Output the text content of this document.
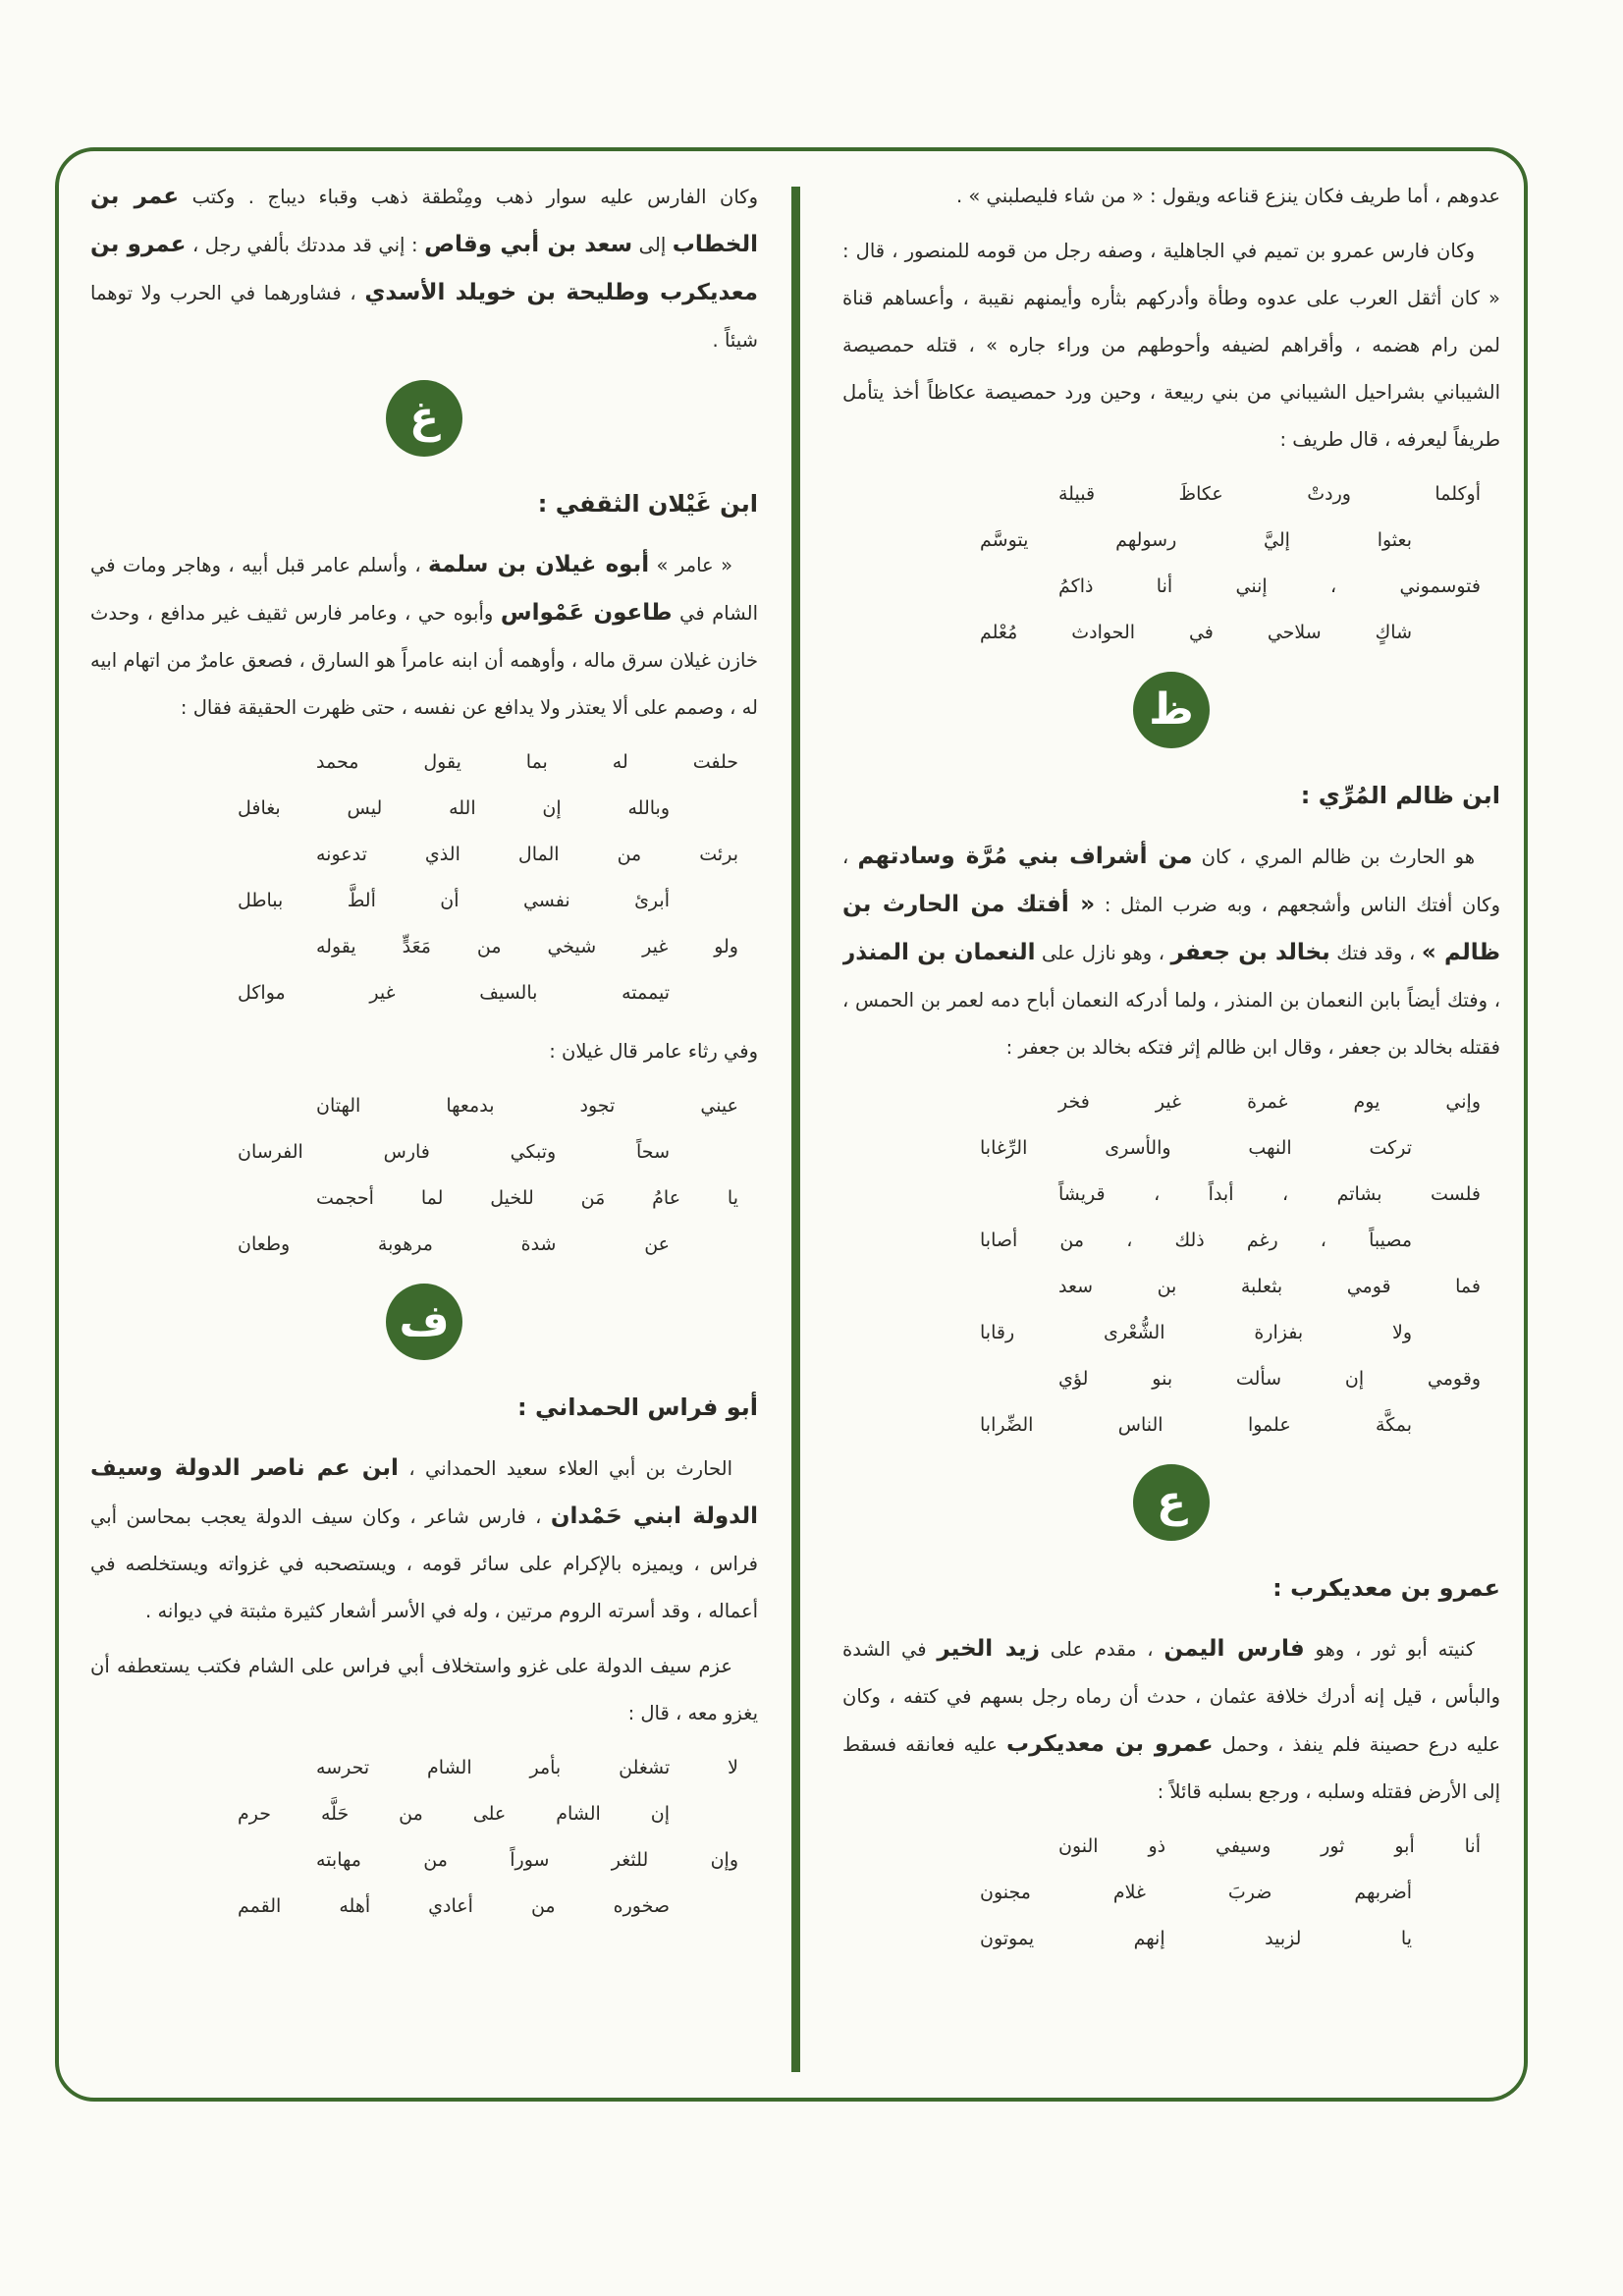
عدوهم ، أما طريف فكان ينزع قناعه ويقول : « من شاء فليصلبني » .

وكان فارس عمرو بن تميم في الجاهلية ، وصفه رجل من قومه للمنصور ، قال : « كان أثقل العرب على عدوه وطأة وأدركهم بثأره وأيمنهم نقيبة ، وأعساهم قناة لمن رام هضمه ، وأقراهم لضيفه وأحوطهم من وراء جاره » ، قتله حمصيصة الشيباني بشراحيل الشيباني من بني ربيعة ، وحين ورد حمصيصة عكاظاً أخذ يتأمل طريفاً ليعرفه ، قال طريف :

أوكلما وردتْ عكاظَ قبيلة
بعثوا إليَّ رسولهم يتوسَّم
فتوسموني ، إنني أنا ذاكمُ
شاكٍ سلاحي في الحوادث مُعْلم
ظ
ابن ظالم المُرِّي :

هو الحارث بن ظالم المري ، كان من أشراف بني مُرَّة وسادتهم ، وكان أفتك الناس وأشجعهم ، وبه ضرب المثل : « أفتك من الحارث بن ظالم » ، وقد فتك بخالد بن جعفر ، وهو نازل على النعمان بن المنذر ، وفتك أيضاً بابن النعمان بن المنذر ، ولما أدركه النعمان أباح دمه لعمر بن الحمس ، فقتله بخالد بن جعفر ، وقال ابن ظالم إثر فتكه بخالد بن جعفر :

وإني يوم غمرة غير فخر
تركت النهب والأسرى الرِّغابا
فلست بشاتم ، أبداً ، قريشاً
مصيباً ، رغم ذلك ، من أصابا
فما قومي بثعلبة بن سعد
ولا بفزارة الشُّعْرى رقابا
وقومي إن سألت بنو لؤي
بمكَّة علموا الناس الضِّرابا
ع
عمرو بن معديكرب :

كنيته أبو ثور ، وهو فارس اليمن ، مقدم على زيد الخير في الشدة والبأس ، قيل إنه أدرك خلافة عثمان ، حدث أن رماه رجل بسهم في كتفه ، وكان عليه درع حصينة فلم ينفذ ، وحمل عمرو بن معديكرب عليه فعانقه فسقط إلى الأرض فقتله وسلبه ، ورجع بسلبه قائلاً :

أنا أبو ثور وسيفي ذو النون
أضربهم ضربَ غلام مجنون
يا لزبيد إنهم يموتون

وكان الفارس عليه سوار ذهب ومِنْطقة ذهب وقباء ديباج . وكتب عمر بن الخطاب إلى سعد بن أبي وقاص : إني قد مددتك بألفي رجل ، عمرو بن معديكرب وطليحة بن خويلد الأسدي ، فشاورهما في الحرب ولا توهما شيئاً .

غ
ابن غَيْلان الثقفي :

« عامر » أبوه غيلان بن سلمة ، وأسلم عامر قبل أبيه ، وهاجر ومات في الشام في طاعون عَمْواس وأبوه حي ، وعامر فارس ثقيف غير مدافع ، وحدث خازن غيلان سرق ماله ، وأوهمه أن ابنه عامراً هو السارق ، فصعق عامرٌ من اتهام ابيه له ، وصمم على ألا يعتذر ولا يدافع عن نفسه ، حتى ظهرت الحقيقة فقال :

حلفت له بما يقول محمد
وبالله إن الله ليس بغافل
برئت من المال الذي تدعونه
أبرئ نفسي أن ألطَّ بباطل
ولو غير شيخي من مَعَدٍّ يقوله
تيممته بالسيف غير مواكل

وفي رثاء عامر قال غيلان :

عيني تجود بدمعها الهتان
سحاً وتبكي فارس الفرسان
يا عامُ مَن للخيل لما أحجمت
عن شدة مرهوبة وطعان
ف
أبو فراس الحمداني :

الحارث بن أبي العلاء سعيد الحمداني ، ابن عم ناصر الدولة وسيف الدولة ابني حَمْدان ، فارس شاعر ، وكان سيف الدولة يعجب بمحاسن أبي فراس ، ويميزه بالإكرام على سائر قومه ، ويستصحبه في غزواته ويستخلصه في أعماله ، وقد أسرته الروم مرتين ، وله في الأسر أشعار كثيرة مثبتة في ديوانه .

عزم سيف الدولة على غزو واستخلاف أبي فراس على الشام فكتب يستعطفه أن يغزو معه ، قال :

لا تشغلن بأمر الشام تحرسه
إن الشام على من حَلَّه حرم
وإن للثغر سوراً من مهابته
صخوره من أعادي أهله القمم
